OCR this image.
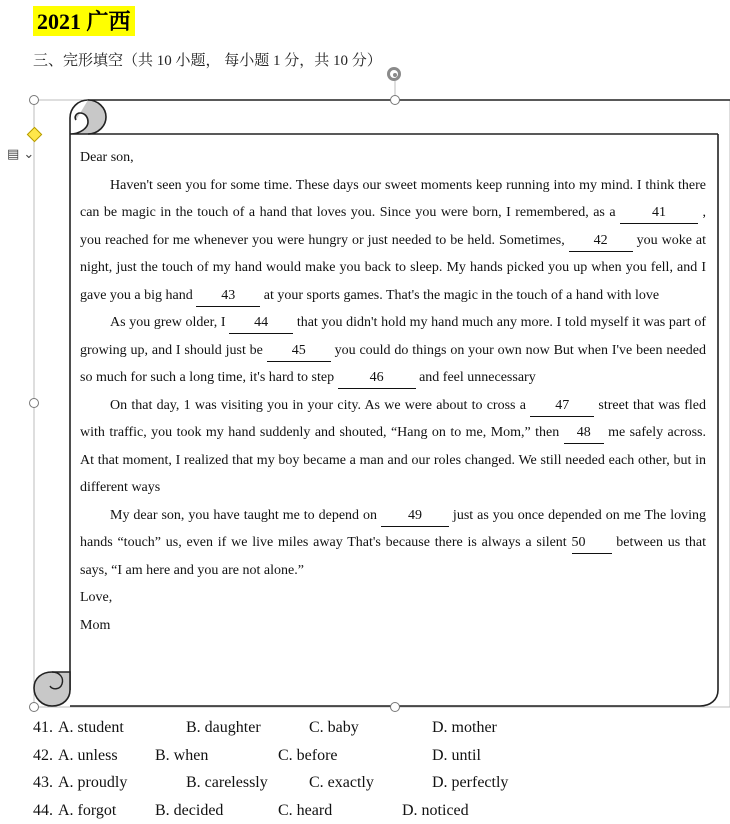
2021 广西
三、完形填空（共 10 小题， 每小题 1 分，共 10 分）
▤ ⌄	Dear son,

Haven't seen you for some time. These days our sweet moments keep running into my mind. I think there can be magic in the touch of a hand that loves you. Since you were born, I remembered, as a 41 , you reached for me whenever you were hungry or just needed to be held. Sometimes, 42 you woke at night, just the touch of my hand would make you back to sleep. My hands picked you up when you fell, and I gave you a big hand 43 at your sports games. That's the magic in the touch of a hand with love

As you grew older, I 44 that you didn't hold my hand much any more. I told myself it was part of growing up, and I should just be 45 you could do things on your own now But when I've been needed so much for such a long time, it's hard to step 46 and feel unnecessary

On that day, 1 was visiting you in your city. As we were about to cross a 47 street that was fled with traffic, you took my hand suddenly and shouted, “Hang on to me, Mom,” then 48 me safely across. At that moment, I realized that my boy became a man and our roles changed. We still needed each other, but in different ways

My dear son, you have taught me to depend on 49 just as you once depended on me The loving hands “touch” us, even if we live miles away That's because there is always a silent 50 between us that says, “I am here and you are not alone.”

Love,

Mom

41. A. student	B. daughter	C. baby	D. mother
42. A. unless B. when	C. before	D. until
43. A. proudly	B. carelessly	C. exactly	D. perfectly
44. A. forgot B. decided	C. heard	D. noticed
